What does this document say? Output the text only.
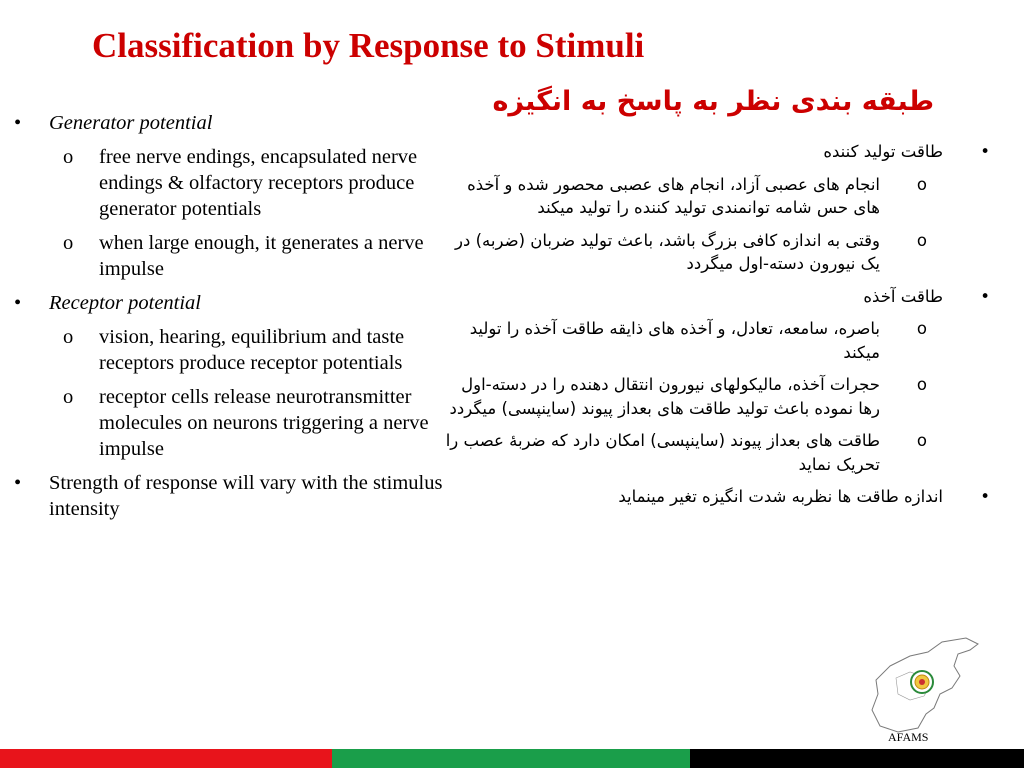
Classification by Response to Stimuli
طبقه بندی نظر به پاسخ به انگیزه
• Generator potential
o free nerve endings, encapsulated nerve endings & olfactory receptors produce generator potentials
o when large enough, it generates a nerve impulse
• Receptor potential
o vision, hearing, equilibrium and taste receptors produce receptor potentials
o receptor cells release neurotransmitter molecules on neurons triggering a nerve impulse
• Strength of response will vary with the stimulus intensity
•
طاقت تولید کننده
o
انجام های عصبی آزاد، انجام های عصبی محصور شده و آخذه های حس شامه توانمندی تولید کننده را تولید میکند
o
وقتی به اندازه کافی بزرگ باشد، باعث تولید ضربان (ضربه) در یک نیورون دسته-اول میگردد
•
طاقت آخذه
o
باصره، سامعه، تعادل، و آخذه های ذایقه طاقت آخذه را تولید میکند
o
حجرات آخذه، مالیکولهای نیورون انتقال دهنده را در دسته-اول رها نموده باعث تولید طاقت های بعداز پیوند (ساینپسی) میگردد
o
طاقت های بعداز پیوند (ساینپسی) امکان دارد که ضربۀ عصب را تحریک نماید
•
اندازه طاقت ها نظربه شدت انگیزه تغیر مینماید
AFAMS
